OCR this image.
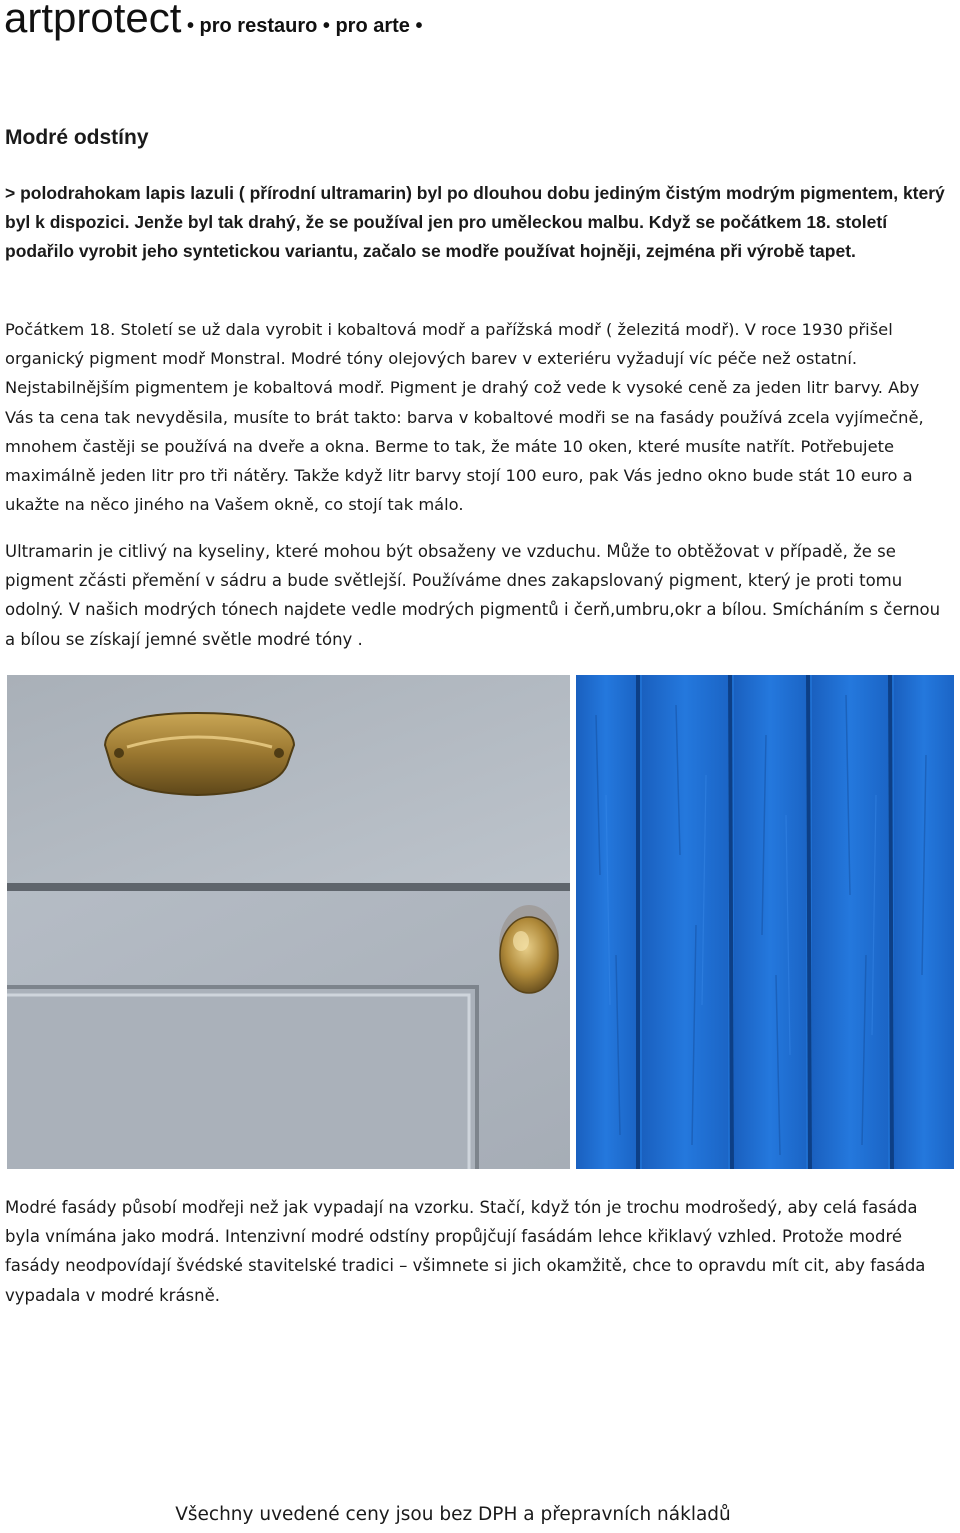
artprotect • pro restauro • pro arte •
Modré odstíny

> polodrahokam lapis lazuli ( přírodní ultramarin) byl po dlouhou dobu jediným čistým modrým pigmentem, který byl k dispozici. Jenže byl tak drahý, že se používal jen pro uměleckou malbu. Když se počátkem 18. století podařilo vyrobit jeho syntetickou variantu, začalo se modře používat hojněji, zejména při výrobě tapet.

Počátkem 18. Století se už dala vyrobit i kobaltová modř a pařížská modř ( železitá modř). V roce 1930 přišel organický pigment modř Monstral. Modré tóny olejových barev v exteriéru vyžadují víc péče než ostatní. Nejstabilnějším pigmentem je kobaltová modř. Pigment je drahý což vede k vysoké ceně za jeden litr barvy. Aby Vás ta cena tak nevyděsila, musíte to brát takto: barva v kobaltové modři se na fasády používá zcela vyjímečně, mnohem častěji se používá na dveře a okna. Berme to tak, že máte 10 oken, které musíte natřít. Potřebujete maximálně jeden litr pro tři nátěry. Takže když litr barvy stojí 100 euro, pak Vás jedno okno bude stát 10 euro a ukažte na něco jiného na Vašem okně, co stojí tak málo.

Ultramarin je citlivý na kyseliny, které mohou být obsaženy ve vzduchu. Může to obtěžovat v případě, že se pigment zčásti přemění v sádru a bude světlejší. Používáme dnes zakapslovaný pigment, který je proti tomu odolný. V našich modrých tónech najdete vedle modrých pigmentů i čerň,umbru,okr a bílou. Smícháním s černou a bílou se získají jemné světle modré tóny .

Modré fasády působí modřeji než jak vypadají na vzorku. Stačí, když tón je trochu modrošedý, aby celá fasáda byla vnímána jako modrá. Intenzivní modré odstíny propůjčují fasádám lehce křiklavý vzhled. Protože modré fasády neodpovídají švédské stavitelské tradici – všimnete si jich okamžitě, chce to opravdu mít cit, aby fasáda vypadala v modré krásně.

Všechny uvedené ceny jsou bez DPH a přepravních nákladů
